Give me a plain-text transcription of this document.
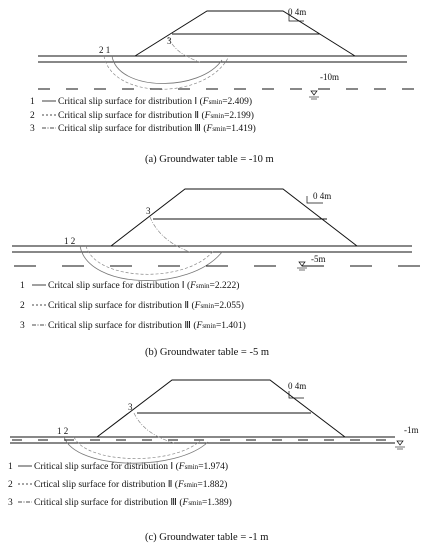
2 1
3
0 4m
-10m
1 Critical slip surface for distribution Ⅰ (Fsmin=2.409)
2 Critical slip surface for distribution Ⅱ (Fsmin=2.199)
3 Critical slip surface for distribution Ⅲ (Fsmin=1.419)
(a) Groundwater table = -10 m
1 2
3
0 4m
-5m
1 Critcal slip surface for distribution Ⅰ (Fsmin=2.222)
2 Critical slip surface for distribution Ⅱ (Fsmin=2.055)
3 Critical slip surface for distribution Ⅲ (Fsmin=1.401)
(b) Groundwater table = -5 m
1 2
3
0 4m
-1m
1 Critical slip surface for distribution Ⅰ (Fsmin=1.974)
2 Crtical slip surface for distribution Ⅱ (Fsmin=1.882)
3 Critical slip surface for distribution Ⅲ (Fsmin=1.389)
(c) Groundwater table = -1 m
